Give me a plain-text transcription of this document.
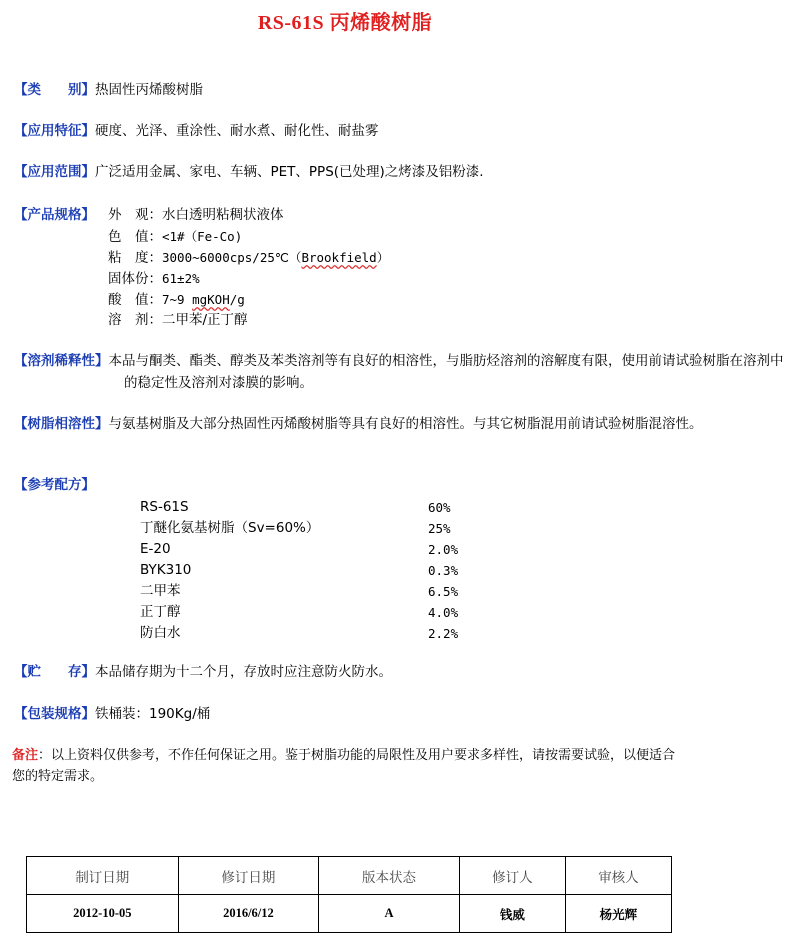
RS-61S 丙烯酸树脂
【类　　别】热固性丙烯酸树脂
【应用特征】硬度、光泽、重涂性、耐水煮、耐化性、耐盐雾
【应用范围】广泛适用金属、家电、车辆、PET、PPS(已处理)之烤漆及铝粉漆.
【产品规格】 外　观：水白透明粘稠状液体
色　值：<1#（Fe-Co)
粘　度：3000~6000cps/25℃（Brookfield）
固体份：61±2%
酸　值：7~9 mgKOH/g
溶　剂：二甲苯/正丁醇
【溶剂稀释性】本品与酮类、酯类、醇类及苯类溶剂等有良好的相溶性，与脂肪烃溶剂的溶解度有限，使用前请试验树脂在溶剂中的稳定性及溶剂对漆膜的影响。
【树脂相溶性】与氨基树脂及大部分热固性丙烯酸树脂等具有良好的相溶性。与其它树脂混用前请试验树脂混溶性。
【参考配方】
RS-61S	60%
丁醚化氨基树脂（Sv=60%）	25%
E-20	2.0%
BYK310	0.3%
二甲苯	6.5%
正丁醇	4.0%
防白水	2.2%
【贮　　存】本品储存期为十二个月，存放时应注意防火防水。
【包装规格】铁桶装：190Kg/桶
备注：以上资料仅供参考，不作任何保证之用。鉴于树脂功能的局限性及用户要求多样性，请按需要试验，以便适合您的特定需求。
制订日期	修订日期	版本状态	修订人	审核人
2012-10-05	2016/6/12	A	钱威	杨光辉
